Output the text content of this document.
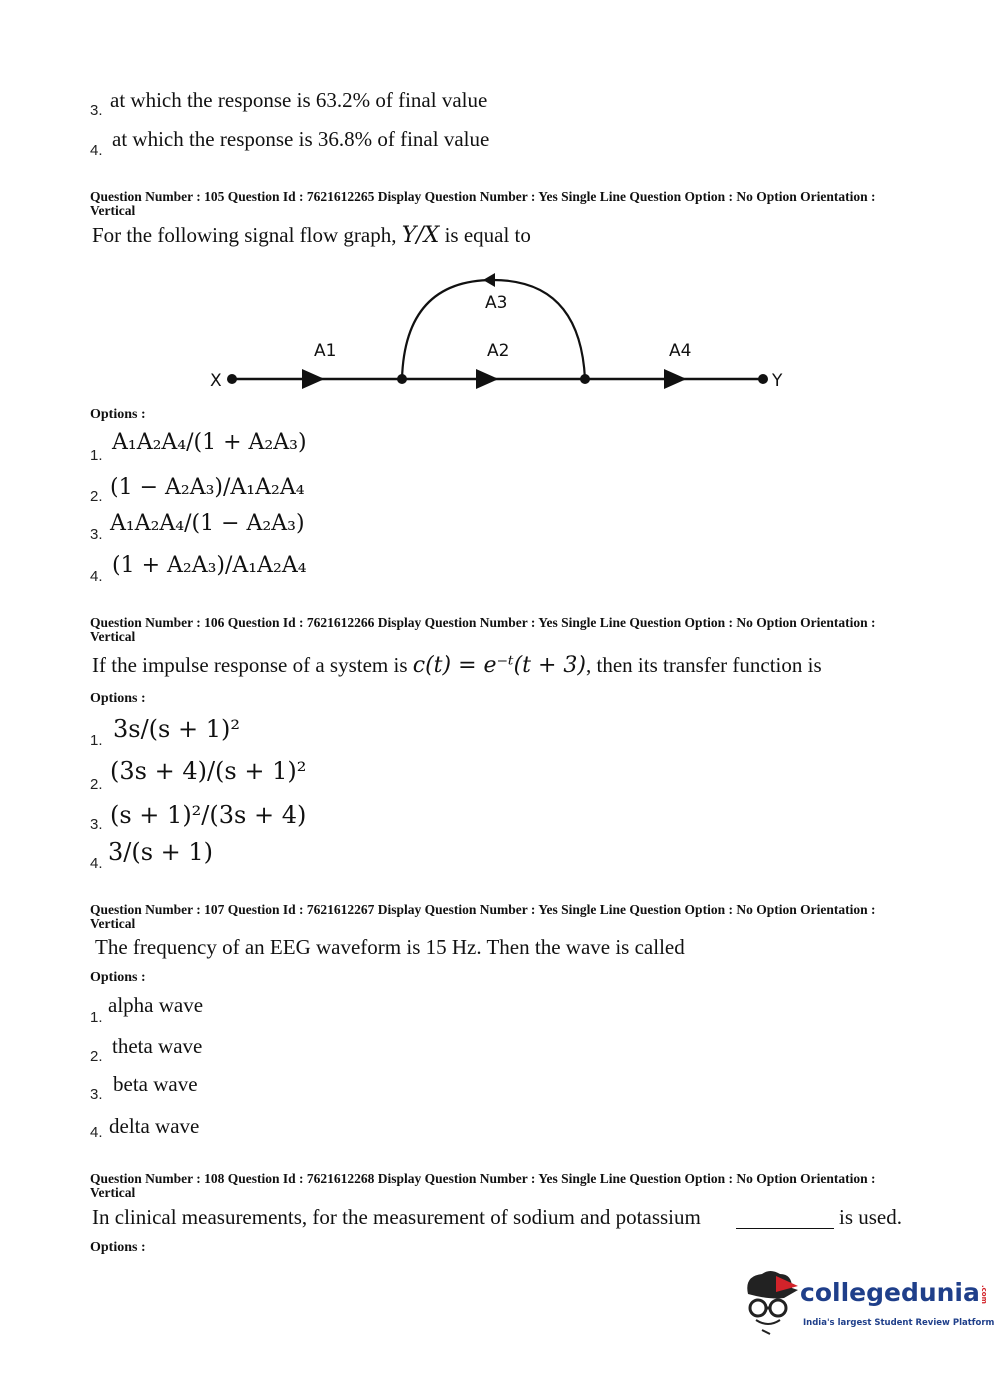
3. at which the response is 63.2% of final value
4. at which the response is 36.8% of final value
Question Number : 105 Question Id : 7621612265 Display Question Number : Yes Single Line Question Option : No Option Orientation : Vertical
For the following signal flow graph, Y/X is equal to
X	Y
A1	A2
A3
A4
Options :
1.
A₁A₂A₄/(1 + A₂A₃)
2. (1 − A₂A₃)/A₁A₂A₄
3. A₁A₂A₄/(1 − A₂A₃)
4. (1 + A₂A₃)/A₁A₂A₄
Question Number : 106 Question Id : 7621612266 Display Question Number : Yes Single Line Question Option : No Option Orientation : Vertical
If the impulse response of a system is c(t) = e⁻ᵗ(t + 3), then its transfer function is
Options :
1. 3s/(s + 1)²
2. (3s + 4)/(s + 1)²
3. (s + 1)²/(3s + 4)
4. 3/(s + 1)
Question Number : 107 Question Id : 7621612267 Display Question Number : Yes Single Line Question Option : No Option Orientation : Vertical
The frequency of an EEG waveform is 15 Hz. Then the wave is called
Options :
1.
alpha wave
2. theta wave
3. beta wave
4. delta wave
Question Number : 108 Question Id : 7621612268 Display Question Number : Yes Single Line Question Option : No Option Orientation : Vertical
In clinical measurements, for the measurement of sodium and potassium	is used.
Options :
collegedunia.com
India's largest Student Review Platform
